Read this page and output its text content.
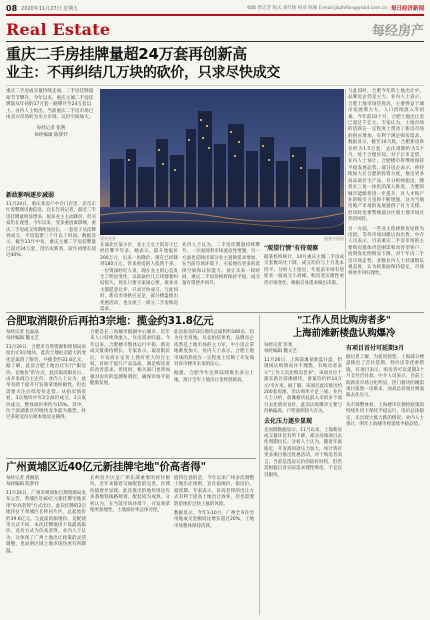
08 2020年11月27日 星期五	编辑 贾志芳 版式 刘红梅 校对 陈刚 E-mail:jiazhifang@nbd.com.cn 每日经济新闻
Real Estate	每经房产
重庆二手房挂牌量超24万套再创新高
业主：不再纠结几万块的砍价，只求尽快成交
重庆二手房成交量持续走弱，二手房挂牌量却节节攀升。今年以来，重庆主城二手房挂牌量从年初的17万套一路攀升至24万套以上。业内人士指出，当前重庆二手房市场已由卖方市场转为买方市场，议价空间加大。
每经记者 张利
每经编辑 陈梦妤
重庆夜景	视觉中国图
新政影响逐步减弱
11月24日，重庆某房产中介门店里，店员正忙着整理房源信息。店长告诉记者，最近二手房挂牌量明显增多，很多业主主动降价，但买家仍在观望。今年以来，受多重因素影响，重庆二手房成交周期明显拉长，一套房子从挂牌到成交，平均需要三个月以上时间。数据显示，截至11月中旬，重庆主城二手房挂牌量已超过24万套，创历史新高，较年初增长超过40%。
在渝北区某小区，业主王女士的房子已经挂牌半年多。她表示，最开始报价200万元，后来一再降价，现在已经降到180万元，但来看房的人依然不多。一位资深经纪人说，现在业主的心态发生了明显变化，以前砍价几万块都要纠结很久，现在只要买家诚心要，很多业主都愿意让步，只求尽快成交。与此同时，新房市场供应充足，部分楼盘推出优惠活动，也分流了一部分二手房购房需求。
业内人士认为，二手房挂牌量持续攀升，一方面说明市场流动性增强，另一方面也反映出部分业主置换需求增加。在当前市场环境下，买家拥有更多的选择空间和议价能力。预计未来一段时间，重庆二手房价格将保持平稳，成交量有望逐步回升。
"观望行情"有待观察
据某机构统计，10月重庆主城二手房成交套数环比下降，成交均价与上月基本持平。分析人士指出，年底前市场有望迎来一波成交小高峰。购房者应理性看待市场变化，根据自身需求做出决策。
与此同时，合肥今年的土地出让中，品牌房企仍是主力。业内人士表示，合肥土地市场热度高，主要得益于城市发展潜力大、人口持续流入等因素。今年前10个月，合肥土地出让金已超过千亿元。专家认为，土地市场的活跃在一定程度上带动了新房市场的供应增加，有利于满足购房需求。数据显示，截至10月底，合肥新房库存约为1.5万套，去化周期约为5个月，处于合理区间。对于后市走势，业内人士预计，合肥楼市将继续保持平稳发展态势。部分房企表示，将持续加大在合肥的投资力度，推出更多高品质住宅产品。有分析师指出，随着长三角一体化的深入推进，合肥的城市能级将进一步提升，对人才和产业的吸引力也将不断增强，这为当地房地产市场的发展提供了有力支撑。但同时也要警惕部分区域土地市场过热的风险。
另一方面，一些业主选择将房屋转为出租，等待市场回暖后再出售。中介人员表示，目前重庆二手房市场的主要购房群体仍是刚需和改善型客户，投资客比例明显下降。对于年内二手房市场走势，多数业内人士持谨慎乐观态度，认为政策面保持稳定，市场将逐步回归理性。
合肥取消限价后再拍3宗地：揽金约31.8亿元
每经记者 包晶晶
每经编辑 魏文艺
11月26日，合肥市自然资源和规划局再度出让3宗地块，此次土地拍卖最大的变化是取消了限价，共揽金约31.8亿元。据了解，此前合肥土地出让实行"限房价、竞地价"的方式，此次取消限价后，由开发商自主定价。业内人士认为，此举有助于提升开发商拿地积极性，但也需要关注后续房价走势。从拍卖情况看，3宗地块中有2宗溢价成交，1宗底价成交，整体溢价率约为15%。其中，位于滨湖新区的地块竞争最为激烈，经过多轮竞价后被本地房企摘得。
合肥是长三角城市群副中心城市，近年来人口持续净流入，住房需求旺盛。今年以来，合肥楼市整体运行平稳，新房成交量保持增长。专家表示，取消限价后，开发商在定价上拥有更大的自主权，有助于提升产品品质，满足购房者的改善需求。但同时，相关部门也将加强对房价的监测和调控，确保市场平稳健康发展。
此次拍卖的3宗地块总面积约300亩，均为住宅用地。从竞拍结果看，品牌房企依然是土地市场的主力军，中小房企拿地难度加大。业内人士表示，合肥土地市场的热度在一定程度上反映了开发商对该市楼市未来的信心。
据悉，合肥今年还将陆续推出多宗土地，预计全年土地出让金将创新高。
广州黄埔区近40亿元新挂牌宅地"价高者得"
每经记者 龚婉依
每经编辑 陈梦妤
11月26日，广州市规划和自然资源局发布公告，黄埔区近40亿元新挂牌宅地采用"价高者得"方式出让。此次挂牌的2宗地块位于黄埔区长岭居片区，总起始价约39.6亿元。与此前的限地价、竞配建等方式不同，本次挂牌地块不设最高限价，竞价方式为价高者得。业内人士认为，这体现了广州土地出让政策的灵活调整，也说明区域土地市场热度有所降温。
长岭居片区是广州东部重要的居住板块，近年来随着交通配套的完善，区域价值逐步显现。此次推出的地块周边有多条地铁线路规划，配套较为成熟。分析认为，在当前市场环境下，开发商拿地更加理性，土地溢价率总体可控。
值得注意的是，今年以来广州多次调整土地出让规则，旨在稳地价、稳房价、稳预期。专家表示，价高者得的出让方式有利于提高土地出让效率，但也需要防范地价过快上涨的风险。
数据显示，今年1-10月，广州全市住宅用地成交金额同比增长超过20%，土地市场整体保持活跃。
"工作人员比购房者多"
上海前滩新楼盘认购爆冷
每经记者 彭斐
每经编辑 魏文艺
11月26日，上海前滩某新盘开盘，但现场认购情况并不理想，有购房者表示"工作人员比购房者多"。该项目位于浦东新区前滩板块，备案均价约14万元/平方米。据了解，该项目此次推出约200套房源，但认购率不足三成。业内人士分析，前滩板块此前入市的多个项目去化情况良好，此次认购爆冷主要与价格偏高、户型面积较大有关。
去化压力逐步显现
克而瑞数据显示，11月以来，上海新房成交量环比有所下降，部分高端项目去化周期拉长。分析人士认为，随着年底临近，开发商回款压力加大，预计将有更多项目推出优惠活动。对于购房者而言，当前是选房议价的较好时机，但仍需根据自身实际需求理性购房，不宜盲目跟风。
有项目首付可延期3月
据记者了解，为促进销售，上海部分楼盘推出了首付延期、特价房等优惠措施。有项目表示，购房者可以延期3个月支付首付款。中介人员表示，目前上海新房市场分化明显，热门板块的刚需项目依然一房难求，而高总价项目则面临去化压力。
从市场整体看，上海楼市在调控政策的持续作用下保持平稳运行，房价总体稳定，未出现大涨大跌的情况。业内人士预计，明年上海楼市将延续平稳态势。
